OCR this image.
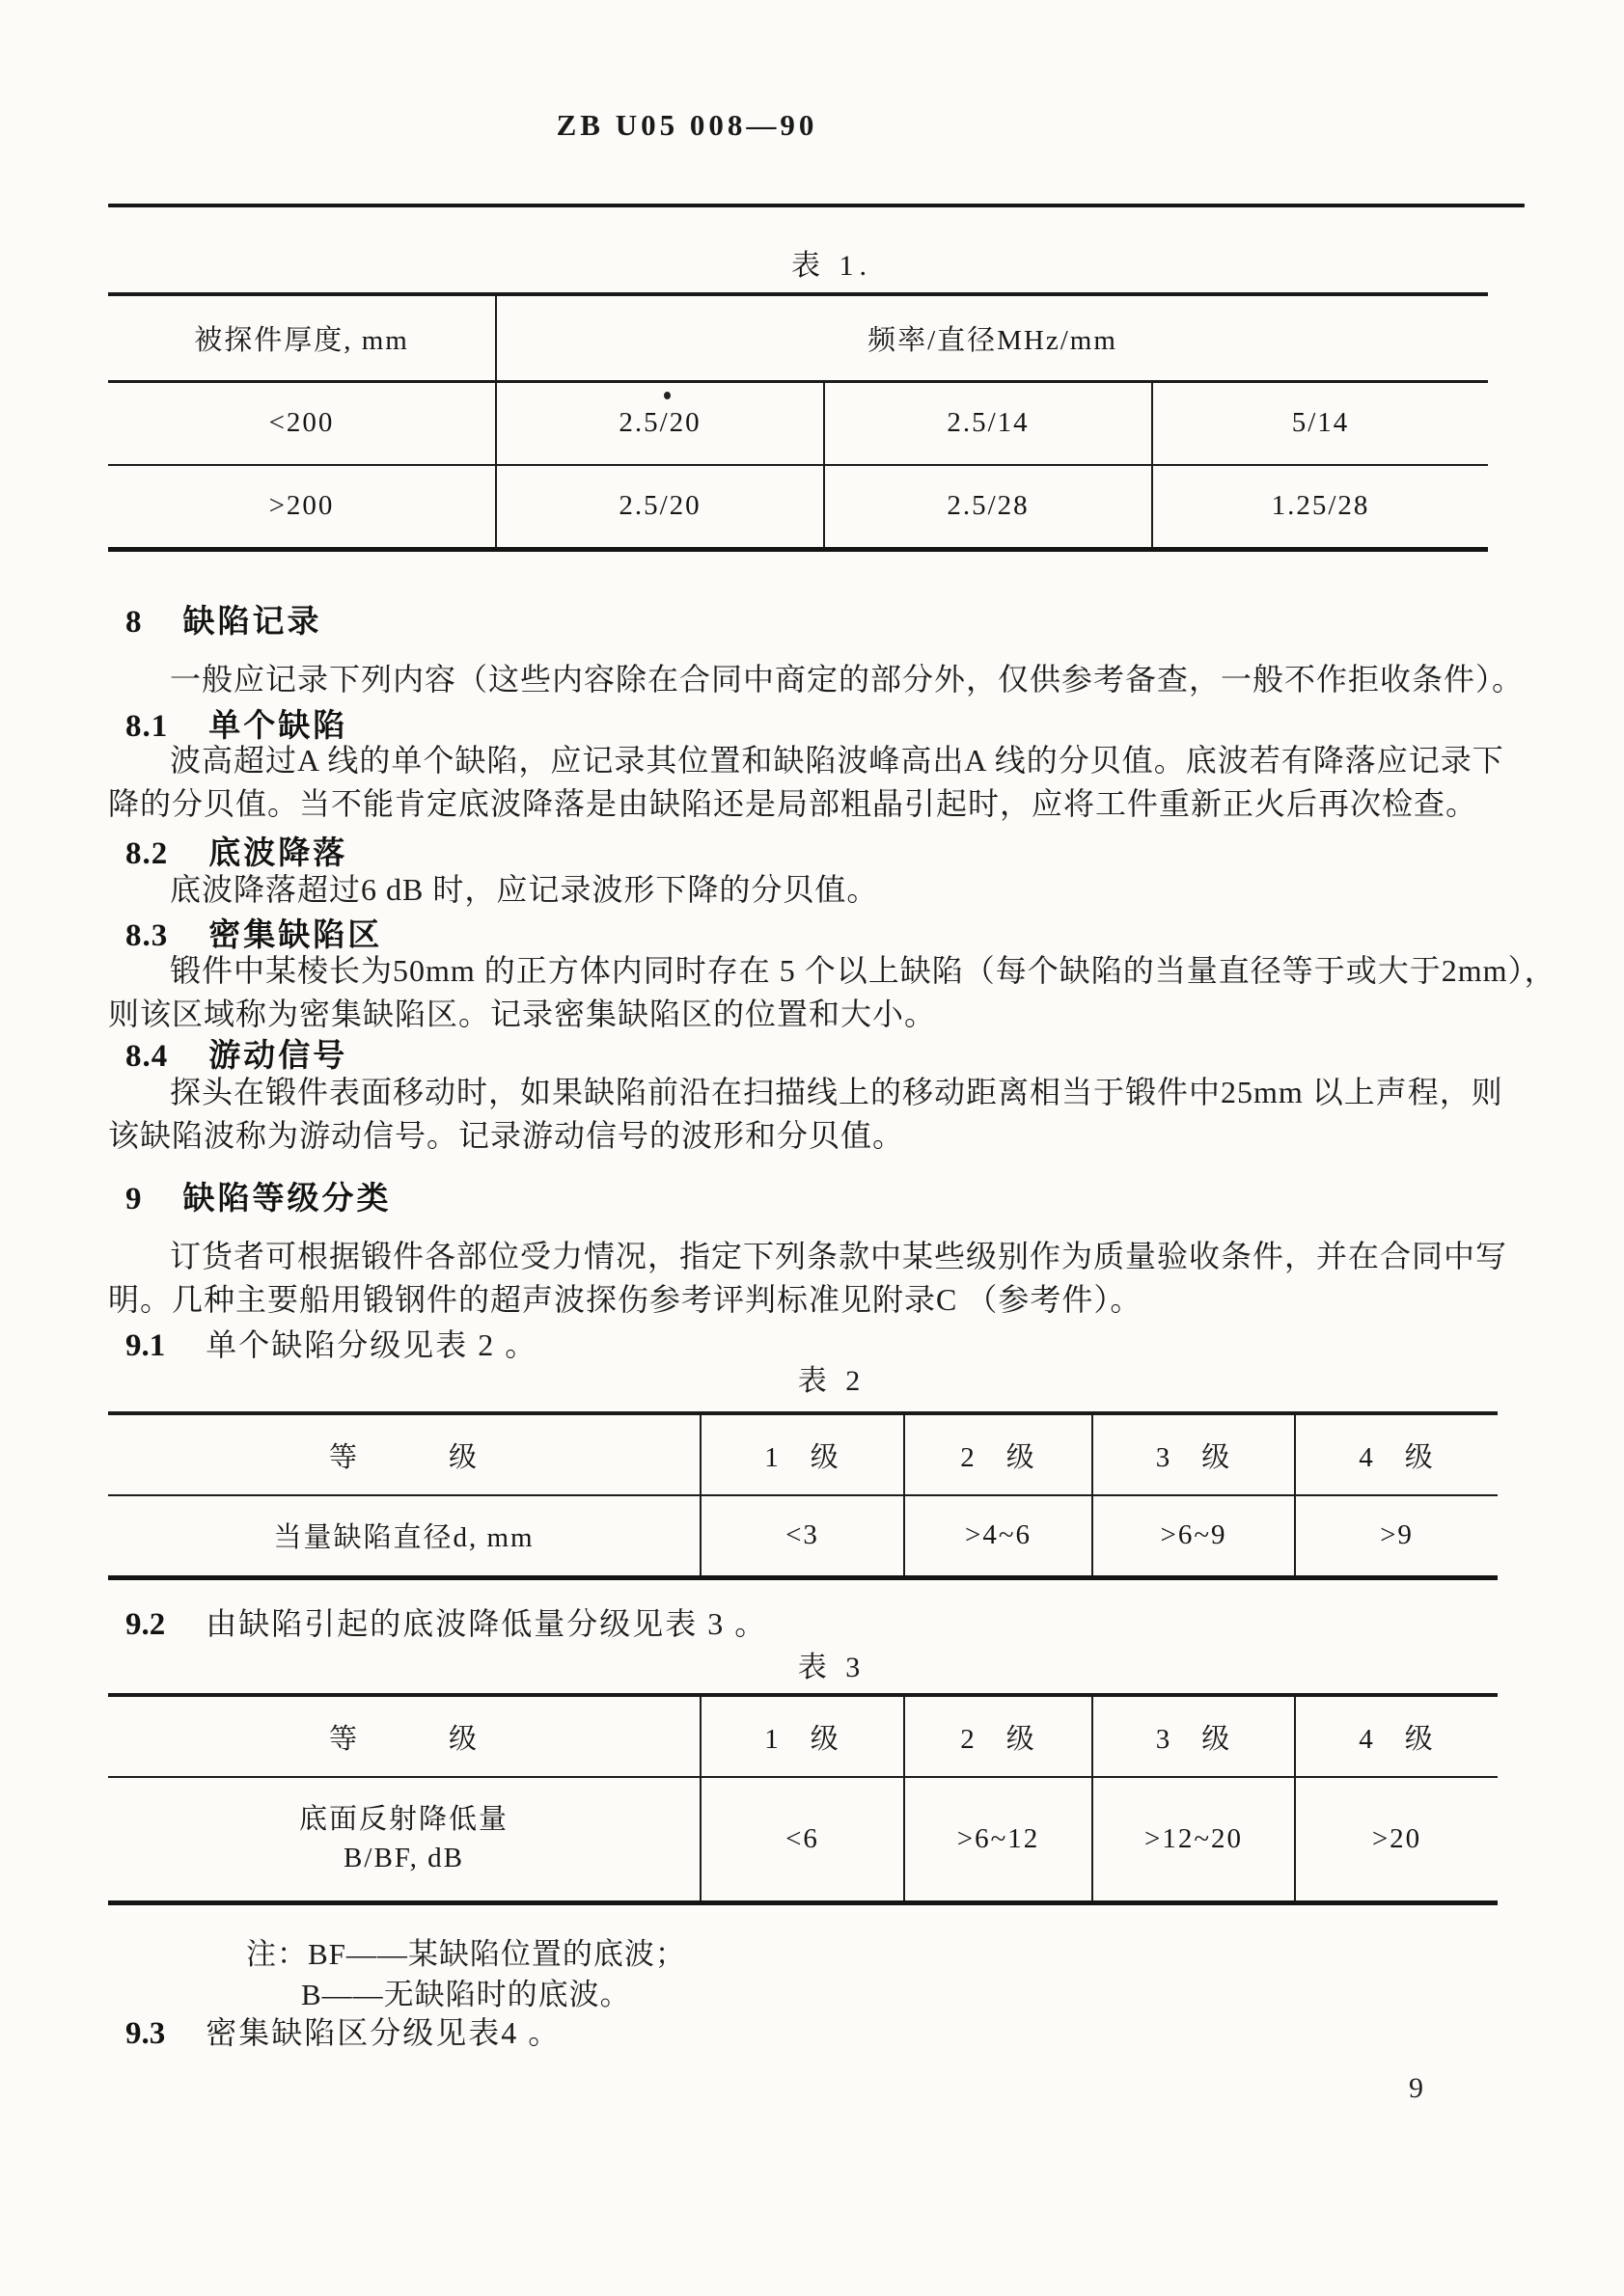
ZB U05 008—90
表 1.
被探件厚度, mm	频率/直径MHz/mm		
<200	2.5/20	2.5/14	5/14
>200	2.5/20	2.5/28	1.25/28
8 缺陷记录
一般应记录下列内容（这些内容除在合同中商定的部分外，仅供参考备查，一般不作拒收条件）。
8.1 单个缺陷
波高超过A 线的单个缺陷，应记录其位置和缺陷波峰高出A 线的分贝值。底波若有降落应记录下
降的分贝值。当不能肯定底波降落是由缺陷还是局部粗晶引起时，应将工件重新正火后再次检查。
8.2 底波降落
底波降落超过6 dB 时，应记录波形下降的分贝值。
8.3 密集缺陷区
锻件中某棱长为50mm 的正方体内同时存在 5 个以上缺陷（每个缺陷的当量直径等于或大于2mm），
则该区域称为密集缺陷区。记录密集缺陷区的位置和大小。
8.4 游动信号
探头在锻件表面移动时，如果缺陷前沿在扫描线上的移动距离相当于锻件中25mm 以上声程，则
该缺陷波称为游动信号。记录游动信号的波形和分贝值。
9 缺陷等级分类
订货者可根据锻件各部位受力情况，指定下列条款中某些级别作为质量验收条件，并在合同中写
明。几种主要船用锻钢件的超声波探伤参考评判标准见附录C （参考件）。
9.1 单个缺陷分级见表 2 。
表 2
等　　　级	1　级	2　级	3　级	4　级
当量缺陷直径d, mm	<3	>4~6	>6~9	>9
9.2 由缺陷引起的底波降低量分级见表 3 。
表 3
等　　　级	1　级	2　级	3　级	4　级

底面反射降低量
B/BF, dB	<6	>6~12	>12~20	>20
注：BF——某缺陷位置的底波；
B——无缺陷时的底波。
9.3 密集缺陷区分级见表4 。
9
